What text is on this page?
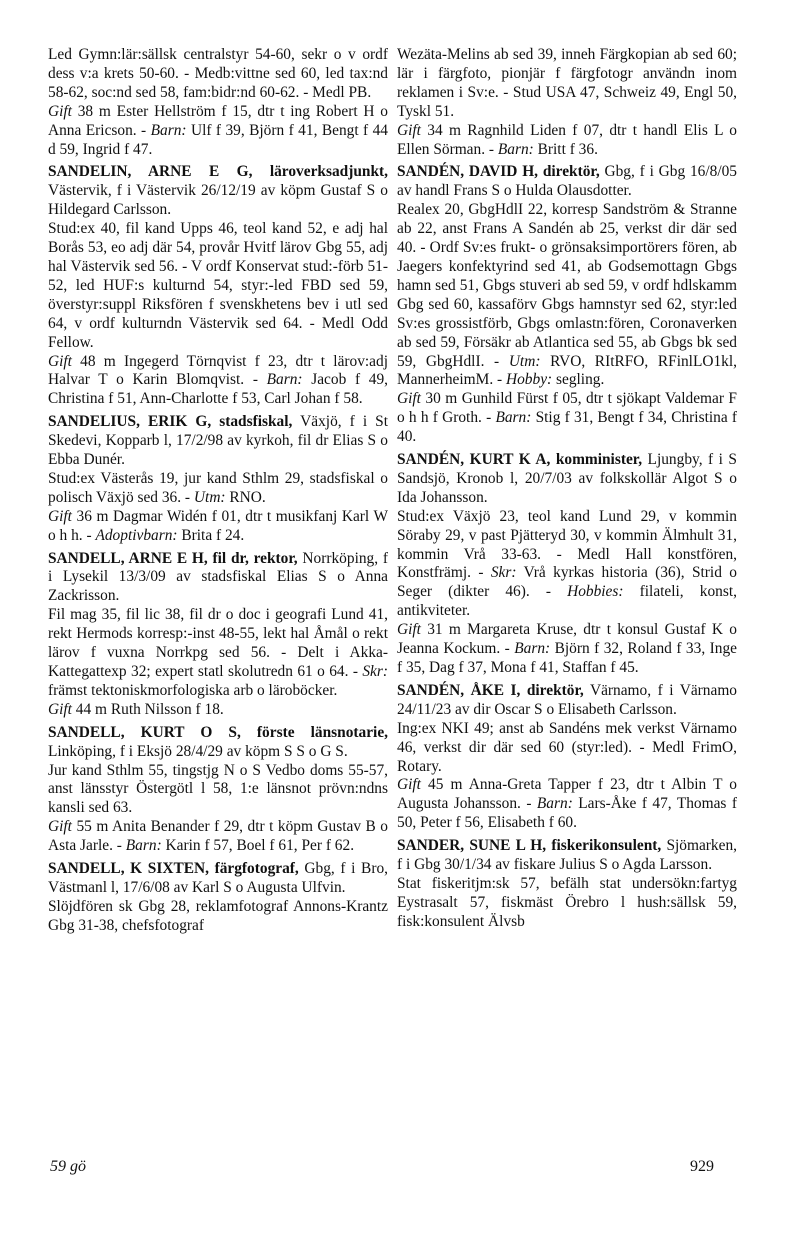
Led Gymn:lär:sällsk centralstyr 54-60, sekr o v ordf dess v:a krets 50-60. - Medb:vittne sed 60, led tax:nd 58-62, soc:nd sed 58, fam:bidr:nd 60-62. - Medl PB.

Gift 38 m Ester Hellström f 15, dtr t ing Robert H o Anna Ericson. - Barn: Ulf f 39, Björn f 41, Bengt f 44 d 59, Ingrid f 47.

SANDELIN, ARNE E G, läroverksadjunkt, Västervik, f i Västervik 26/12/19 av köpm Gustaf S o Hildegard Carlsson.

Stud:ex 40, fil kand Upps 46, teol kand 52, e adj hal Borås 53, eo adj där 54, provår Hvitf lärov Gbg 55, adj hal Västervik sed 56. - V ordf Konservat stud:-förb 51-52, led HUF:s kulturnd 54, styr:-led FBD sed 59, överstyr:suppl Riksfören f svenskhetens bev i utl sed 64, v ordf kulturndn Västervik sed 64. - Medl Odd Fellow.

Gift 48 m Ingegerd Törnqvist f 23, dtr t lärov:adj Halvar T o Karin Blomqvist. - Barn: Jacob f 49, Christina f 51, Ann-Charlotte f 53, Carl Johan f 58.

SANDELIUS, ERIK G, stadsfiskal, Växjö, f i St Skedevi, Kopparb l, 17/2/98 av kyrkoh, fil dr Elias S o Ebba Dunér.

Stud:ex Västerås 19, jur kand Sthlm 29, stadsfiskal o polisch Växjö sed 36. - Utm: RNO.

Gift 36 m Dagmar Widén f 01, dtr t musikfanj Karl W o h h. - Adoptivbarn: Brita f 24.

SANDELL, ARNE E H, fil dr, rektor, Norrköping, f i Lysekil 13/3/09 av stadsfiskal Elias S o Anna Zackrisson.

Fil mag 35, fil lic 38, fil dr o doc i geografi Lund 41, rekt Hermods korresp:-inst 48-55, lekt hal Åmål o rekt lärov f vuxna Norrkpg sed 56. - Delt i Akka-Kattegattexp 32; expert statl skolutredn 61 o 64. - Skr: främst tektoniskmorfologiska arb o läroböcker.

Gift 44 m Ruth Nilsson f 18.

SANDELL, KURT O S, förste länsnotarie, Linköping, f i Eksjö 28/4/29 av köpm S S o G S.

Jur kand Sthlm 55, tingstjg N o S Vedbo doms 55-57, anst länsstyr Östergötl l 58, 1:e länsnot prövn:ndns kansli sed 63.

Gift 55 m Anita Benander f 29, dtr t köpm Gustav B o Asta Jarle. - Barn: Karin f 57, Boel f 61, Per f 62.

SANDELL, K SIXTEN, färgfotograf, Gbg, f i Bro, Västmanl l, 17/6/08 av Karl S o Augusta Ulfvin.

Slöjdfören sk Gbg 28, reklamfotograf Annons-Krantz Gbg 31-38, chefsfotograf

Wezäta-Melins ab sed 39, inneh Färgkopian ab sed 60; lär i färgfoto, pionjär f färgfotogr användn inom reklamen i Sv:e. - Stud USA 47, Schweiz 49, Engl 50, Tyskl 51.

Gift 34 m Ragnhild Liden f 07, dtr t handl Elis L o Ellen Sörman. - Barn: Britt f 36.

SANDÉN, DAVID H, direktör, Gbg, f i Gbg 16/8/05 av handl Frans S o Hulda Olausdotter.

Realex 20, GbgHdlI 22, korresp Sandström & Stranne ab 22, anst Frans A Sandén ab 25, verkst dir där sed 40. - Ordf Sv:es frukt- o grönsaksimportörers fören, ab Jaegers konfektyrind sed 41, ab Godsemottagn Gbgs hamn sed 51, Gbgs stuveri ab sed 59, v ordf hdlskamm Gbg sed 60, kassaförv Gbgs hamnstyr sed 62, styr:led Sv:es grossistförb, Gbgs omlastn:fören, Coronaverken ab sed 59, Försäkr ab Atlantica sed 55, ab Gbgs bk sed 59, GbgHdlI. - Utm: RVO, RItRFO, RFinlLO1kl, MannerheimM. - Hobby: segling.

Gift 30 m Gunhild Fürst f 05, dtr t sjökapt Valdemar F o h h f Groth. - Barn: Stig f 31, Bengt f 34, Christina f 40.

SANDÉN, KURT K A, komminister, Ljungby, f i S Sandsjö, Kronob l, 20/7/03 av folkskollär Algot S o Ida Johansson.

Stud:ex Växjö 23, teol kand Lund 29, v kommin Söraby 29, v past Pjätteryd 30, v kommin Älmhult 31, kommin Vrå 33-63. - Medl Hall konstfören, Konstfrämj. - Skr: Vrå kyrkas historia (36), Strid o Seger (dikter 46). - Hobbies: filateli, konst, antikviteter.

Gift 31 m Margareta Kruse, dtr t konsul Gustaf K o Jeanna Kockum. - Barn: Björn f 32, Roland f 33, Inge f 35, Dag f 37, Mona f 41, Staffan f 45.

SANDÉN, ÅKE I, direktör, Värnamo, f i Värnamo 24/11/23 av dir Oscar S o Elisabeth Carlsson.

Ing:ex NKI 49; anst ab Sandéns mek verkst Värnamo 46, verkst dir där sed 60 (styr:led). - Medl FrimO, Rotary.

Gift 45 m Anna-Greta Tapper f 23, dtr t Albin T o Augusta Johansson. - Barn: Lars-Åke f 47, Thomas f 50, Peter f 56, Elisabeth f 60.

SANDER, SUNE L H, fiskerikonsulent, Sjömarken, f i Gbg 30/1/34 av fiskare Julius S o Agda Larsson.

Stat fiskeritjm:sk 57, befälh stat undersökn:fartyg Eystrasalt 57, fiskmäst Örebro l hush:sällsk 59, fisk:konsulent Älvsb

59 gö	929
